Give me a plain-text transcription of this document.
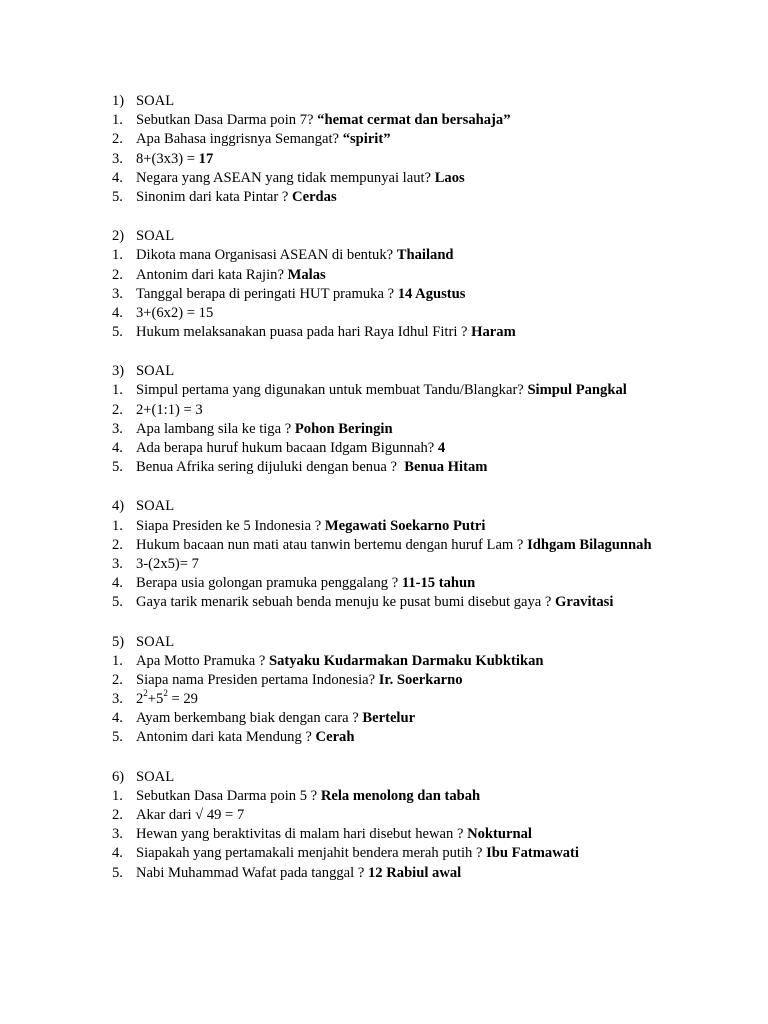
1) SOAL
1. Sebutkan Dasa Darma poin 7? “hemat cermat dan bersahaja”
2. Apa Bahasa inggrisnya Semangat? “spirit”
3. 8+(3x3) = 17
4. Negara yang ASEAN yang tidak mempunyai laut? Laos
5. Sinonim dari kata Pintar ? Cerdas
2) SOAL
1. Dikota mana Organisasi ASEAN di bentuk? Thailand
2. Antonim dari kata Rajin? Malas
3. Tanggal berapa di peringati HUT pramuka ? 14 Agustus
4. 3+(6x2) = 15
5. Hukum melaksanakan puasa pada hari Raya Idhul Fitri ? Haram
3) SOAL
1. Simpul pertama yang digunakan untuk membuat Tandu/Blangkar? Simpul Pangkal
2. 2+(1:1) = 3
3. Apa lambang sila ke tiga ? Pohon Beringin
4. Ada berapa huruf hukum bacaan Idgam Bigunnah? 4
5. Benua Afrika sering dijuluki dengan benua ?  Benua Hitam
4) SOAL
1. Siapa Presiden ke 5 Indonesia ? Megawati Soekarno Putri
2. Hukum bacaan nun mati atau tanwin bertemu dengan huruf Lam ? Idhgam Bilagunnah
3. 3-(2x5)= 7
4. Berapa usia golongan pramuka penggalang ? 11-15 tahun
5. Gaya tarik menarik sebuah benda menuju ke pusat bumi disebut gaya ? Gravitasi
5) SOAL
1. Apa Motto Pramuka ? Satyaku Kudarmakan Darmaku Kubktikan
2. Siapa nama Presiden pertama Indonesia? Ir. Soerkarno
3. $2^2+5^2 = 29$
4. Ayam berkembang biak dengan cara ? Bertelur
5. Antonim dari kata Mendung ? Cerah
6) SOAL
1. Sebutkan Dasa Darma poin 5 ? Rela menolong dan tabah
2. Akar dari √ 49 = 7
3. Hewan yang beraktivitas di malam hari disebut hewan ? Nokturnal
4. Siapakah yang pertamakali menjahit bendera merah putih ? Ibu Fatmawati
5. Nabi Muhammad Wafat pada tanggal ? 12 Rabiul awal
